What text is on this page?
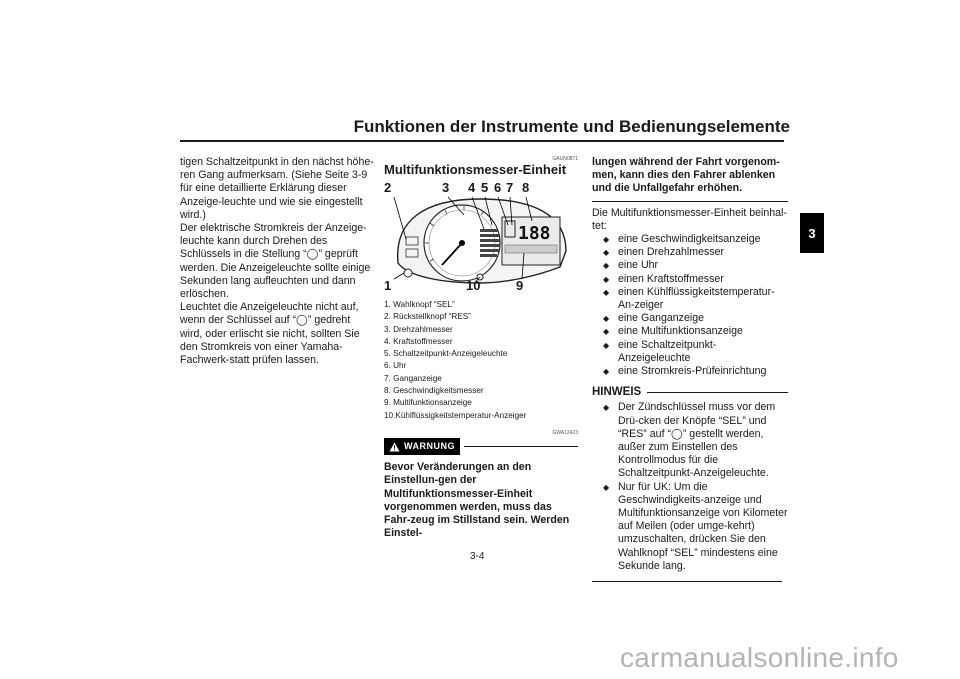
Funktionen der Instrumente und Bedienungselemente
3

tigen Schaltzeitpunkt in den nächst höhe-ren Gang aufmerksam. (Siehe Seite 3-9 für eine detaillierte Erklärung dieser Anzeige-leuchte und wie sie eingestellt wird.)

Der elektrische Stromkreis der Anzeige-leuchte kann durch Drehen des Schlüssels in die Stellung “◯” geprüft werden. Die Anzeigeleuchte sollte einige Sekunden lang aufleuchten und dann erlöschen.

Leuchtet die Anzeigeleuchte nicht auf, wenn der Schlüssel auf “◯” gedreht wird, oder erlischt sie nicht, sollten Sie den Stromkreis von einer Yamaha-Fachwerk-statt prüfen lassen.

GAUN0871
Multifunktionsmesser-Einheit
188
2	3 4 5 6 7 8
1	10	9
1. Wahlknopf “SEL”
2. Rückstellknopf “RES”
3. Drehzahlmesser
4. Kraftstoffmesser
5. Schaltzeitpunkt-Anzeigeleuchte
6. Uhr
7. Ganganzeige
8. Geschwindigkeitsmesser
9. Multifunktionsanzeige
10.Kühlflüssigkeitstemperatur-Anzeiger
GWA12423
WARNUNG

Bevor Veränderungen an den Einstellun-gen der Multifunktionsmesser-Einheit vorgenommen werden, muss das Fahr-zeug im Stillstand sein. Werden Einstel-

lungen während der Fahrt vorgenom-men, kann dies den Fahrer ablenken und die Unfallgefahr erhöhen.

Die Multifunktionsmesser-Einheit beinhal-tet:

◆ eine Geschwindigkeitsanzeige
◆ einen Drehzahlmesser
◆ eine Uhr
◆ einen Kraftstoffmesser
◆ einen Kühlflüssigkeitstemperatur-An-zeiger
◆ eine Ganganzeige
◆ eine Multifunktionsanzeige
◆ eine Schaltzeitpunkt-Anzeigeleuchte
◆ eine Stromkreis-Prüfeinrichtung
HINWEIS
◆ Der Zündschlüssel muss vor dem Drü-cken der Knöpfe “SEL” und “RES” auf “◯” gestellt werden, außer zum Einstellen des Kontrollmodus für die Schaltzeitpunkt-Anzeigeleuchte.
◆ Nur für UK: Um die Geschwindigkeits-anzeige und Multifunktionsanzeige von Kilometer auf Meilen (oder umge-kehrt) umzuschalten, drücken Sie den Wahlknopf “SEL” mindestens eine Sekunde lang.
3-4
carmanualsonline.info
